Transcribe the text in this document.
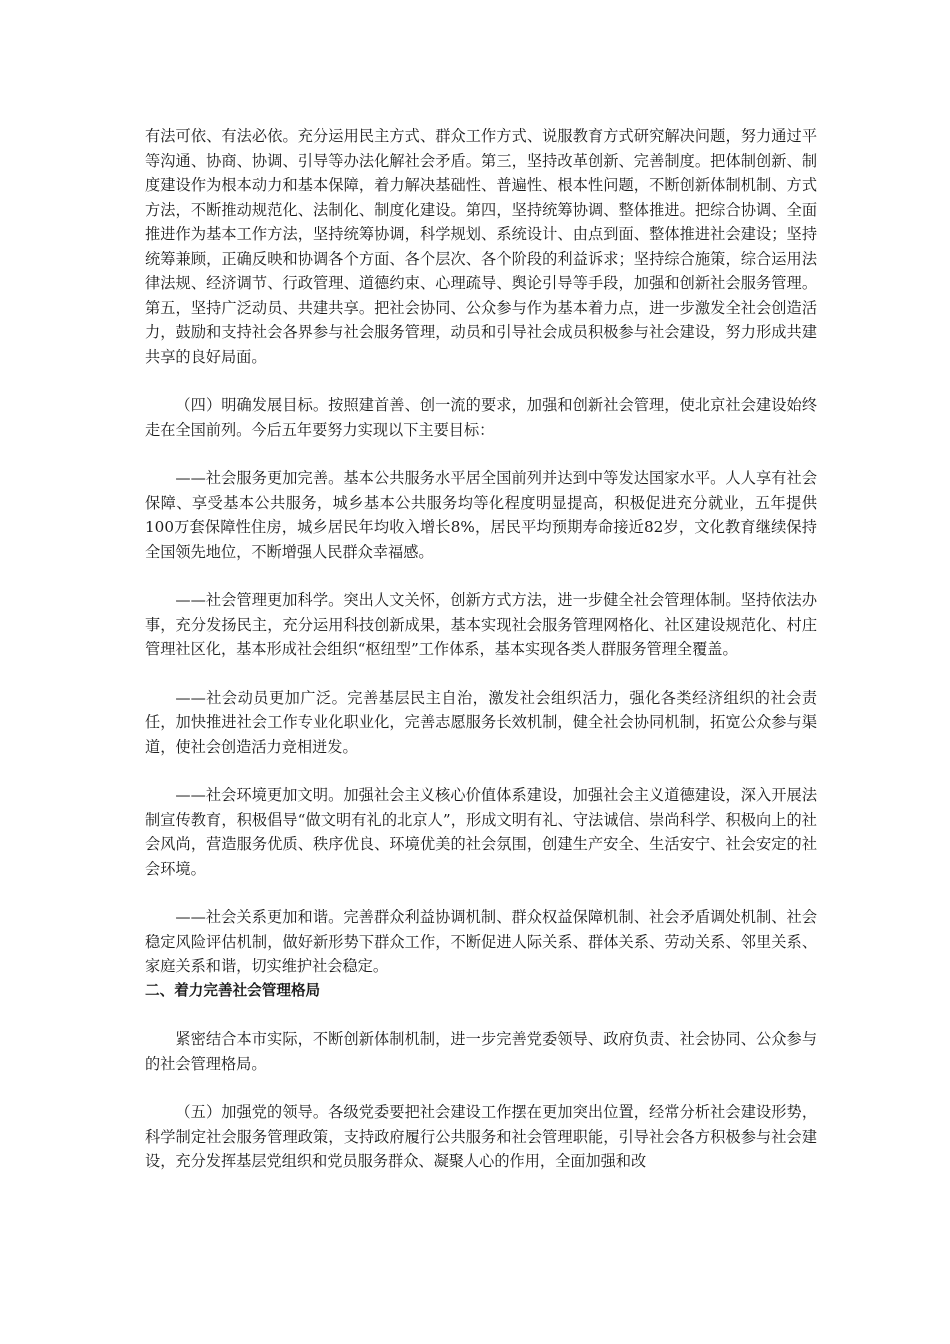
有法可依、有法必依。充分运用民主方式、群众工作方式、说服教育方式研究解决问题，努力通过平等沟通、协商、协调、引导等办法化解社会矛盾。第三，坚持改革创新、完善制度。把体制创新、制度建设作为根本动力和基本保障，着力解决基础性、普遍性、根本性问题，不断创新体制机制、方式方法，不断推动规范化、法制化、制度化建设。第四，坚持统筹协调、整体推进。把综合协调、全面推进作为基本工作方法，坚持统筹协调，科学规划、系统设计、由点到面、整体推进社会建设；坚持统筹兼顾，正确反映和协调各个方面、各个层次、各个阶段的利益诉求；坚持综合施策，综合运用法律法规、经济调节、行政管理、道德约束、心理疏导、舆论引导等手段，加强和创新社会服务管理。第五，坚持广泛动员、共建共享。把社会协同、公众参与作为基本着力点，进一步激发全社会创造活力，鼓励和支持社会各界参与社会服务管理，动员和引导社会成员积极参与社会建设，努力形成共建共享的良好局面。

（四）明确发展目标。按照建首善、创一流的要求，加强和创新社会管理，使北京社会建设始终走在全国前列。今后五年要努力实现以下主要目标：

——社会服务更加完善。基本公共服务水平居全国前列并达到中等发达国家水平。人人享有社会保障、享受基本公共服务，城乡基本公共服务均等化程度明显提高，积极促进充分就业，五年提供100万套保障性住房，城乡居民年均收入增长8%，居民平均预期寿命接近82岁，文化教育继续保持全国领先地位，不断增强人民群众幸福感。

——社会管理更加科学。突出人文关怀，创新方式方法，进一步健全社会管理体制。坚持依法办事，充分发扬民主，充分运用科技创新成果，基本实现社会服务管理网格化、社区建设规范化、村庄管理社区化，基本形成社会组织“枢纽型”工作体系，基本实现各类人群服务管理全覆盖。

——社会动员更加广泛。完善基层民主自治，激发社会组织活力，强化各类经济组织的社会责任，加快推进社会工作专业化职业化，完善志愿服务长效机制，健全社会协同机制，拓宽公众参与渠道，使社会创造活力竞相迸发。

——社会环境更加文明。加强社会主义核心价值体系建设，加强社会主义道德建设，深入开展法制宣传教育，积极倡导“做文明有礼的北京人”，形成文明有礼、守法诚信、崇尚科学、积极向上的社会风尚，营造服务优质、秩序优良、环境优美的社会氛围，创建生产安全、生活安宁、社会安定的社会环境。

——社会关系更加和谐。完善群众利益协调机制、群众权益保障机制、社会矛盾调处机制、社会稳定风险评估机制，做好新形势下群众工作，不断促进人际关系、群体关系、劳动关系、邻里关系、家庭关系和谐，切实维护社会稳定。

二、着力完善社会管理格局

紧密结合本市实际，不断创新体制机制，进一步完善党委领导、政府负责、社会协同、公众参与的社会管理格局。

（五）加强党的领导。各级党委要把社会建设工作摆在更加突出位置，经常分析社会建设形势，科学制定社会服务管理政策，支持政府履行公共服务和社会管理职能，引导社会各方积极参与社会建设，充分发挥基层党组织和党员服务群众、凝聚人心的作用，全面加强和改
